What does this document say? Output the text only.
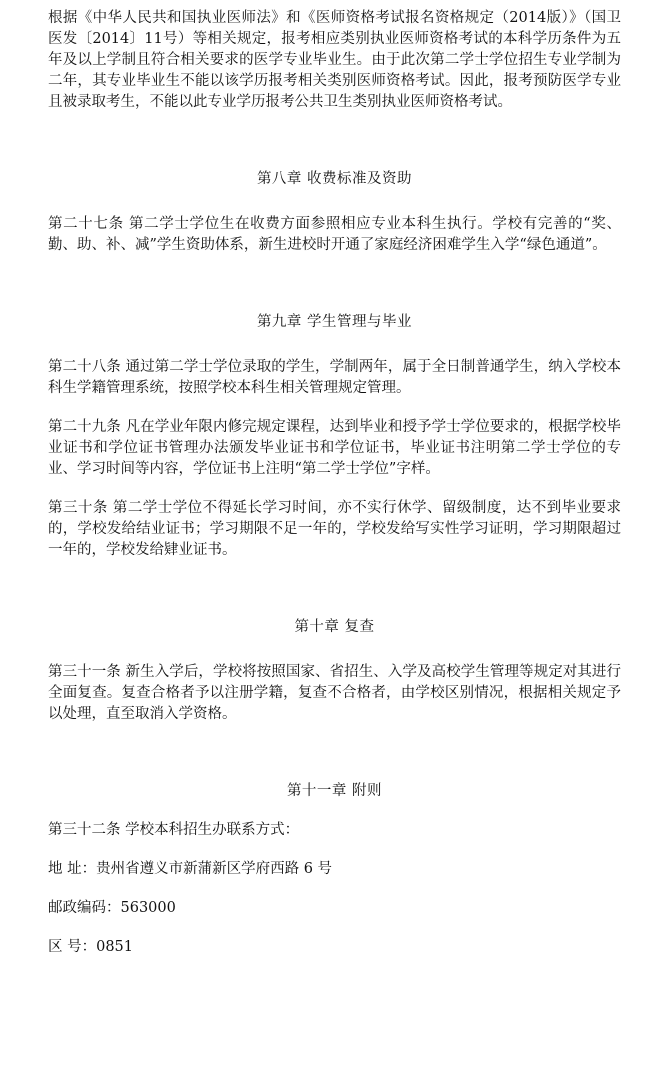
根据《中华人民共和国执业医师法》和《医师资格考试报名资格规定（2014版）》（国卫医发〔2014〕11号）等相关规定，报考相应类别执业医师资格考试的本科学历条件为五年及以上学制且符合相关要求的医学专业毕业生。由于此次第二学士学位招生专业学制为二年，其专业毕业生不能以该学历报考相关类别医师资格考试。因此，报考预防医学专业且被录取考生，不能以此专业学历报考公共卫生类别执业医师资格考试。

第八章 收费标准及资助

第二十七条 第二学士学位生在收费方面参照相应专业本科生执行。学校有完善的“奖、勤、助、补、减”学生资助体系，新生进校时开通了家庭经济困难学生入学“绿色通道”。

第九章 学生管理与毕业

第二十八条 通过第二学士学位录取的学生，学制两年，属于全日制普通学生，纳入学校本科生学籍管理系统，按照学校本科生相关管理规定管理。

第二十九条 凡在学业年限内修完规定课程，达到毕业和授予学士学位要求的，根据学校毕业证书和学位证书管理办法颁发毕业证书和学位证书，毕业证书注明第二学士学位的专业、学习时间等内容，学位证书上注明“第二学士学位”字样。

第三十条 第二学士学位不得延长学习时间，亦不实行休学、留级制度，达不到毕业要求的，学校发给结业证书；学习期限不足一年的，学校发给写实性学习证明，学习期限超过一年的，学校发给肄业证书。

第十章 复查

第三十一条 新生入学后，学校将按照国家、省招生、入学及高校学生管理等规定对其进行全面复查。复查合格者予以注册学籍，复查不合格者，由学校区别情况，根据相关规定予以处理，直至取消入学资格。

第十一章 附则

第三十二条 学校本科招生办联系方式：

地 址：贵州省遵义市新蒲新区学府西路 6 号

邮政编码：563000

区 号：0851
